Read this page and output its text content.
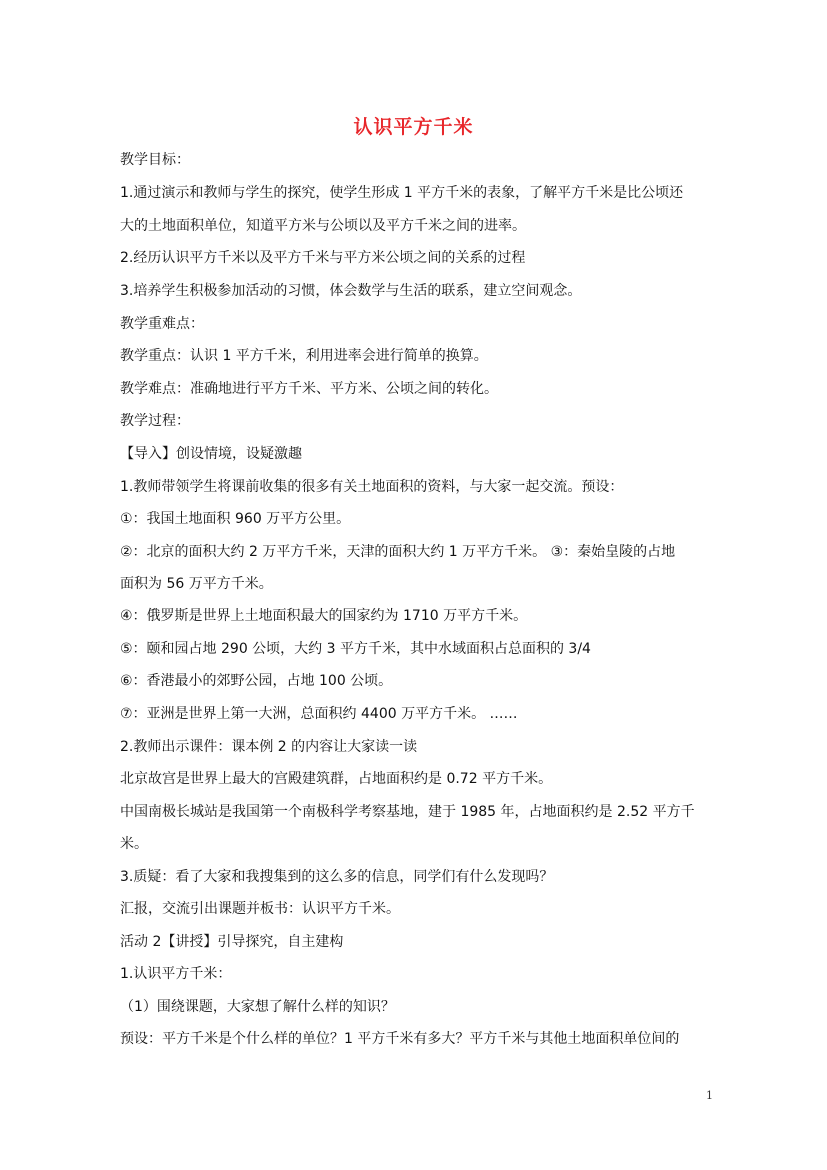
认识平方千米
教学目标：
1.通过演示和教师与学生的探究，使学生形成 1 平方千米的表象，了解平方千米是比公顷还
大的土地面积单位，知道平方米与公顷以及平方千米之间的进率。
2.经历认识平方千米以及平方千米与平方米公顷之间的关系的过程
3.培养学生积极参加活动的习惯，体会数学与生活的联系，建立空间观念。
教学重难点：
教学重点：认识 1 平方千米，利用进率会进行简单的换算。
教学难点：准确地进行平方千米、平方米、公顷之间的转化。
教学过程：
【导入】创设情境，设疑激趣
1.教师带领学生将课前收集的很多有关土地面积的资料，与大家一起交流。预设：
①：我国土地面积 960 万平方公里。
②：北京的面积大约 2 万平方千米，天津的面积大约 1 万平方千米。 ③：秦始皇陵的占地
面积为 56 万平方千米。
④：俄罗斯是世界上土地面积最大的国家约为 1710 万平方千米。
⑤：颐和园占地 290 公顷，大约 3 平方千米，其中水域面积占总面积的 3/4
⑥：香港最小的郊野公园，占地 100 公顷。
⑦：亚洲是世界上第一大洲，总面积约 4400 万平方千米。 ……
2.教师出示课件：课本例 2 的内容让大家读一读
北京故宫是世界上最大的宫殿建筑群，占地面积约是 0.72 平方千米。
中国南极长城站是我国第一个南极科学考察基地，建于 1985 年，占地面积约是 2.52 平方千
米。
3.质疑：看了大家和我搜集到的这么多的信息，同学们有什么发现吗？
汇报，交流引出课题并板书：认识平方千米。
活动 2【讲授】引导探究，自主建构
1.认识平方千米：
（1）围绕课题，大家想了解什么样的知识？
预设：平方千米是个什么样的单位？1 平方千米有多大？平方千米与其他土地面积单位间的
1
